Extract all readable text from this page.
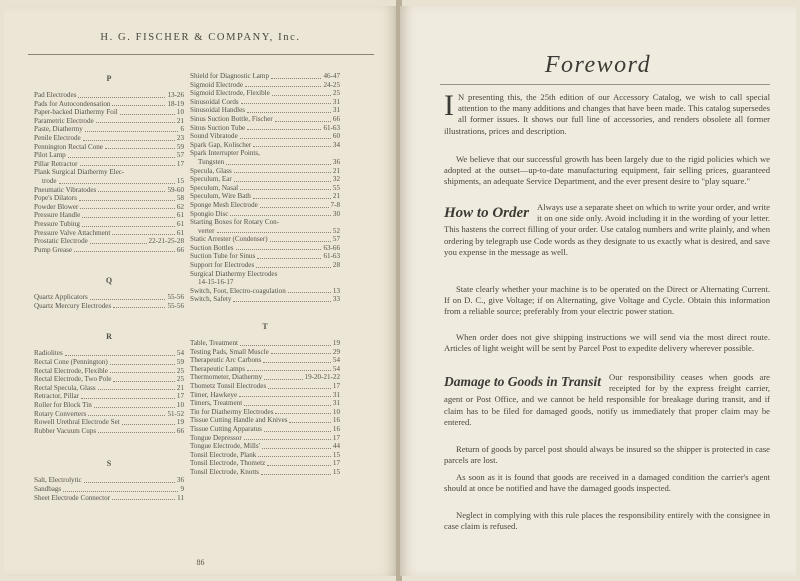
H. G. FISCHER & COMPANY, Inc.
P
Pad Electrodes	13-26
Pads for Autocondensation	18-19
Paper-backed Diathermy Foil	10
Parametric Electrode	21
Paste, Diathermy	6
Penile Electrode	23
Pennington Rectal Cone	59
Pilot Lamp	57
Pillar Retractor	17
Plank Surgical Diathermy Elec-
trode	15
Pneumatic Vibratodes	59-60
Pope's Dilators	58
Powder Blower	62
Pressure Handle	61
Pressure Tubing	61
Pressure Valve Attachment	61
Prostatic Electrode	22-21-25-28
Pump Grease	66
Q
Quartz Applicators	55-56
Quartz Mercury Electrodes	55-56
R
Radiolites	54
Rectal Cone (Pennington)	59
Rectal Electrode, Flexible	25
Rectal Electrode, Two Pole	25
Rectal Specula, Glass	21
Retractor, Pillar	17
Roller for Block Tin	10
Rotary Converters	51-52
Rowell Urethral Electrode Set	19
Rubber Vacuum Cups	66
S
Salt, Electrolytic	36
Sandbags	9
Sheet Electrode Connector	11
Shield for Diagnostic Lamp	46-47
Sigmoid Electrode	24-25
Sigmoid Electrode, Flexible	25
Sinusoidal Cords	31
Sinusoidal Handles	31
Sinus Suction Bottle, Fischer	66
Sinus Suction Tube	61-63
Sound Vibratode	60
Spark Gap, Kolischer	34
Spark Interrupter Points,
Tungsten	36
Specula, Glass	21
Speculum, Ear	32
Speculum, Nasal	55
Speculum, Wire Bath	21
Sponge Mesh Electrode	7-8
Spongio Disc	30
Starting Boxes for Rotary Con-
verter	52
Static Arrester (Condenser)	57
Suction Bottles	63-66
Suction Tube for Sinus	61-63
Support for Electrodes	28
Surgical Diathermy Electrodes
14-15-16-17
Switch, Foot, Electro-coagulation	13
Switch, Safety	33
T
Table, Treatment	19
Testing Pads, Small Muscle	29
Therapeutic Arc Carbons	54
Therapeutic Lamps	54
Thermometer, Diathermy	19-20-21-22
Thometz Tonsil Electrodes	17
Timer, Hawkeye	31
Timers, Treatment	31
Tin for Diathermy Electrodes	10
Tissue Cutting Handle and Knives	16
Tissue Cutting Apparatus	16
Tongue Depressor	17
Tongue Electrode, Mills'	44
Tonsil Electrode, Plank	15
Tonsil Electrode, Thometz	17
Tonsil Electrode, Knotts	15
86
Foreword

I N presenting this, the 25th edition of our Accessory Catalog, we wish to call special attention to the many additions and changes that have been made. This catalog supersedes all former issues. It shows our full line of accessories, and renders obsolete all former illustrations, prices and description.

We believe that our successful growth has been largely due to the rigid policies which we adopted at the outset—up-to-date manufacturing equipment, fair selling prices, guaranteed shipments, an adequate Service Department, and the ever present desire to "play square."

How to Order Always use a separate sheet on which to write your order, and write it on one side only. Avoid including it in the wording of your letter. This hastens the correct filling of your order. Use catalog numbers and write plainly, and when ordering by telegraph use Code words as they designate to us exactly what is desired, and save you expense in the message as well.

State clearly whether your machine is to be operated on the Direct or Alternating Current. If on D. C., give Voltage; if on Alternating, give Voltage and Cycle. Obtain this information from a reliable source; preferably from your electric power station.

When order does not give shipping instructions we will send via the most direct route. Articles of light weight will be sent by Parcel Post to expedite delivery wherever possible.

Damage to Goods in Transit Our responsibility ceases when goods are receipted for by the express freight carrier, agent or Post Office, and we cannot be held responsible for breakage during transit, and if claim has to be filed for damaged goods, notify us immediately that proper claim may be entered.

Return of goods by parcel post should always be insured so the shipper is protected in case parcels are lost.

As soon as it is found that goods are received in a damaged condition the carrier's agent should at once be notified and have the damaged goods inspected.

Neglect in complying with this rule places the responsibility entirely with the consignee in case claim is refused.
